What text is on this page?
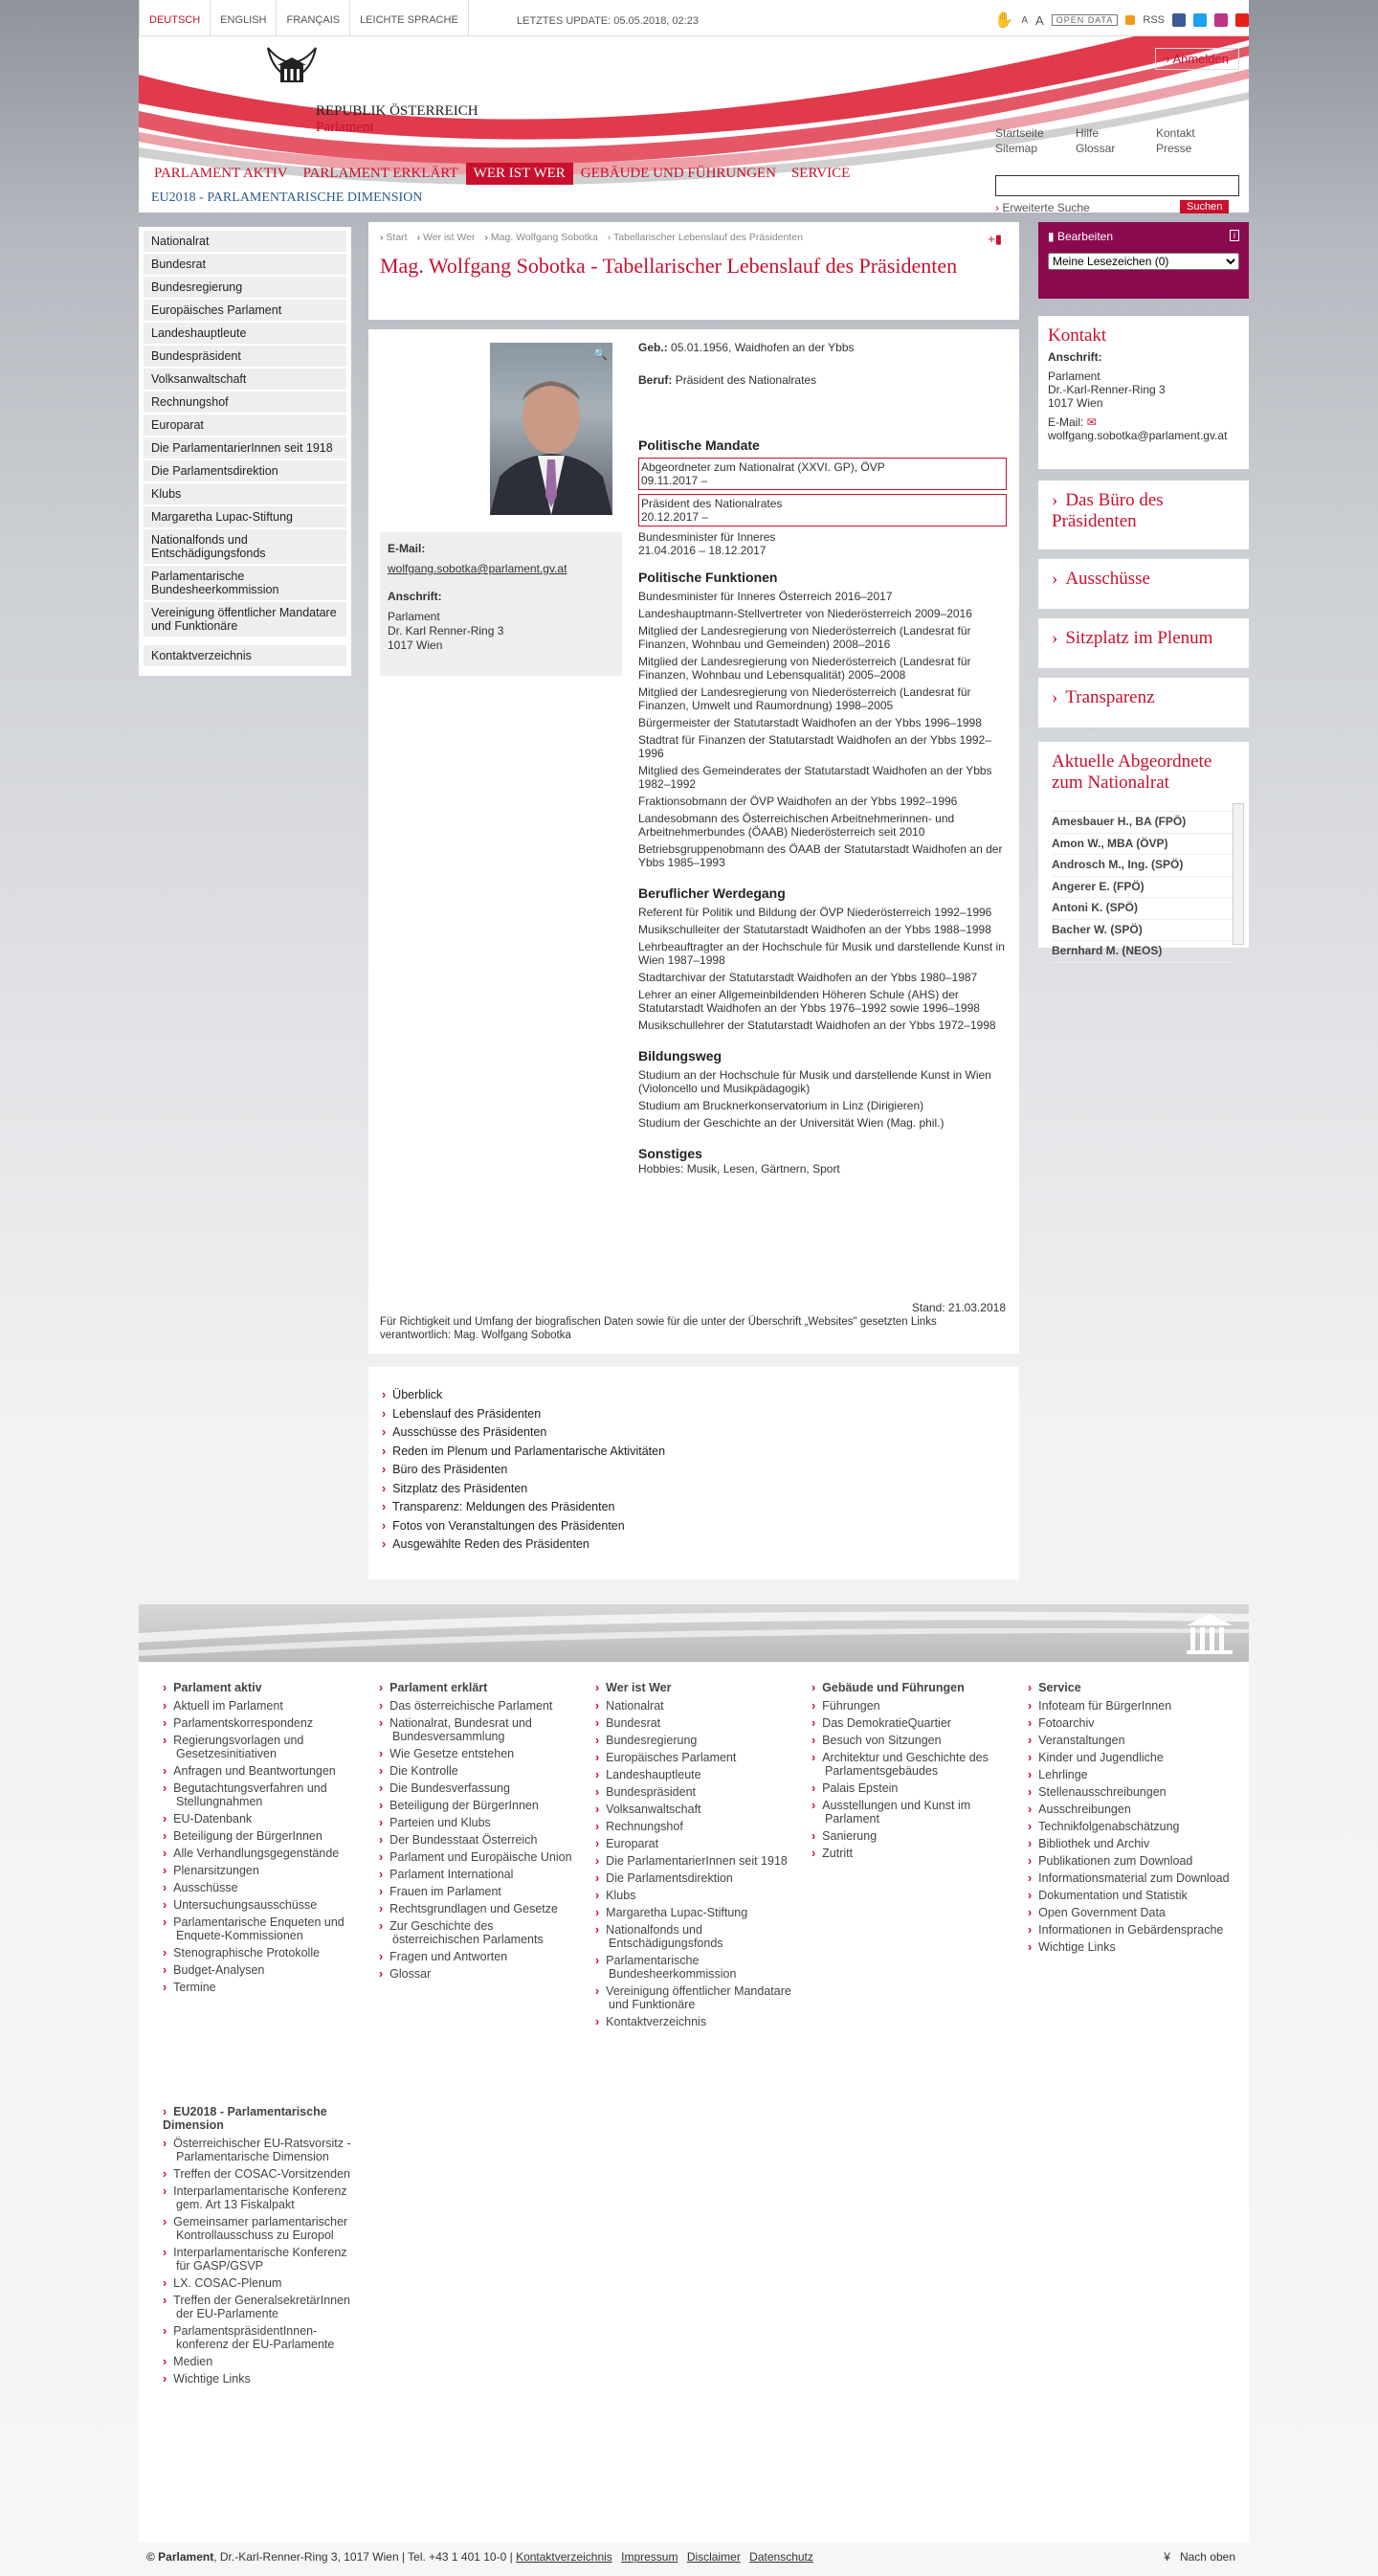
DEUTSCH	ENGLISH	FRANÇAIS	LEICHTE SPRACHE	LETZTES UPDATE: 05.05.2018, 02:23	✋ A A	OPEN DATA	RSS
REPUBLIK ÖSTERREICH
Parlament
› Anmelden
Startseite	Hilfe	Kontakt
Sitemap	Glossar	Presse
PARLAMENT AKTIV	PARLAMENT ERKLÄRT	WER IST WER	GEBÄUDE UND FÜHRUNGEN	SERVICE
EU2018 - PARLAMENTARISCHE DIMENSION
› Erweiterte Suche	Suchen
Nationalrat
Bundesrat
Bundesregierung
Europäisches Parlament
Landeshauptleute
Bundespräsident
Volksanwaltschaft
Rechnungshof
Europarat
Die ParlamentarierInnen seit 1918
Die Parlamentsdirektion
Klubs
Margaretha Lupac-Stiftung
Nationalfonds und Entschädigungsfonds
Parlamentarische Bundesheerkommission
Vereinigung öffentlicher Mandatare und Funktionäre
Kontaktverzeichnis
› Start › Wer ist Wer › Mag. Wolfgang Sobotka › Tabellarischer Lebenslauf des Präsidenten	+▮
Mag. Wolfgang Sobotka - Tabellarischer Lebenslauf des Präsidenten
🔍
E-Mail:
wolfgang.sobotka@parlament.gv.at
Anschrift:
Parlament
Dr. Karl Renner-Ring 3
1017 Wien

Geb.: 05.01.1956, Waidhofen an der Ybbs

Beruf: Präsident des Nationalrates

Politische Mandate
Abgeordneter zum Nationalrat (XXVI. GP), ÖVP
09.11.2017 –
Präsident des Nationalrates
20.12.2017 –
Bundesminister für Inneres
21.04.2016 – 18.12.2017
Politische Funktionen
Bundesminister für Inneres Österreich 2016–2017
Landeshauptmann-Stellvertreter von Niederösterreich 2009–2016
Mitglied der Landesregierung von Niederösterreich (Landesrat für Finanzen, Wohnbau und Gemeinden) 2008–2016
Mitglied der Landesregierung von Niederösterreich (Landesrat für Finanzen, Wohnbau und Lebensqualität) 2005–2008
Mitglied der Landesregierung von Niederösterreich (Landesrat für Finanzen, Umwelt und Raumordnung) 1998–2005
Bürgermeister der Statutarstadt Waidhofen an der Ybbs 1996–1998
Stadtrat für Finanzen der Statutarstadt Waidhofen an der Ybbs 1992–1996
Mitglied des Gemeinderates der Statutarstadt Waidhofen an der Ybbs 1982–1992
Fraktionsobmann der ÖVP Waidhofen an der Ybbs 1992–1996
Landesobmann des Österreichischen Arbeitnehmerinnen- und Arbeitnehmerbundes (ÖAAB) Niederösterreich seit 2010
Betriebsgruppenobmann des ÖAAB der Statutarstadt Waidhofen an der Ybbs 1985–1993
Beruflicher Werdegang
Referent für Politik und Bildung der ÖVP Niederösterreich 1992–1996
Musikschulleiter der Statutarstadt Waidhofen an der Ybbs 1988–1998
Lehrbeauftragter an der Hochschule für Musik und darstellende Kunst in Wien 1987–1998
Stadtarchivar der Statutarstadt Waidhofen an der Ybbs 1980–1987
Lehrer an einer Allgemeinbildenden Höheren Schule (AHS) der Statutarstadt Waidhofen an der Ybbs 1976–1992 sowie 1996–1998
Musikschullehrer der Statutarstadt Waidhofen an der Ybbs 1972–1998
Bildungsweg
Studium an der Hochschule für Musik und darstellende Kunst in Wien (Violoncello und Musikpädagogik)
Studium am Brucknerkonservatorium in Linz (Dirigieren)
Studium der Geschichte an der Universität Wien (Mag. phil.)
Sonstiges
Hobbies: Musik, Lesen, Gärtnern, Sport
Stand: 21.03.2018
Für Richtigkeit und Umfang der biografischen Daten sowie für die unter der Überschrift „Websites" gesetzten Links verantwortlich: Mag. Wolfgang Sobotka
› Überblick
› Lebenslauf des Präsidenten
› Ausschüsse des Präsidenten
› Reden im Plenum und Parlamentarische Aktivitäten
› Büro des Präsidenten
› Sitzplatz des Präsidenten
› Transparenz: Meldungen des Präsidenten
› Fotos von Veranstaltungen des Präsidenten
› Ausgewählte Reden des Präsidenten
▮ Bearbeiten	i
Meine Lesezeichen (0)
Kontakt
Anschrift:
Parlament
Dr.-Karl-Renner-Ring 3
1017 Wien
E-Mail: ✉
wolfgang.sobotka@parlament.gv.at
› Das Büro des Präsidenten
› Ausschüsse
› Sitzplatz im Plenum
› Transparenz
Aktuelle Abgeordnete zum Nationalrat
Amesbauer H., BA (FPÖ)
Amon W., MBA (ÖVP)
Androsch M., Ing. (SPÖ)
Angerer E. (FPÖ)
Antoni K. (SPÖ)
Bacher W. (SPÖ)
Bernhard M. (NEOS)
› Parlament aktiv
› Aktuell im Parlament
› Parlamentskorrespondenz
› Regierungsvorlagen und Gesetzesinitiativen
› Anfragen und Beantwortungen
› Begutachtungsverfahren und Stellungnahmen
› EU-Datenbank
› Beteiligung der BürgerInnen
› Alle Verhandlungsgegenstände
› Plenarsitzungen
› Ausschüsse
› Untersuchungsausschüsse
› Parlamentarische Enqueten und Enquete-Kommissionen
› Stenographische Protokolle
› Budget-Analysen
› Termine
› Parlament erklärt
› Das österreichische Parlament
› Nationalrat, Bundesrat und Bundesversammlung
› Wie Gesetze entstehen
› Die Kontrolle
› Die Bundesverfassung
› Beteiligung der BürgerInnen
› Parteien und Klubs
› Der Bundesstaat Österreich
› Parlament und Europäische Union
› Parlament International
› Frauen im Parlament
› Rechtsgrundlagen und Gesetze
› Zur Geschichte des österreichischen Parlaments
› Fragen und Antworten
› Glossar
› Wer ist Wer
› Nationalrat
› Bundesrat
› Bundesregierung
› Europäisches Parlament
› Landeshauptleute
› Bundespräsident
› Volksanwaltschaft
› Rechnungshof
› Europarat
› Die ParlamentarierInnen seit 1918
› Die Parlamentsdirektion
› Klubs
› Margaretha Lupac-Stiftung
› Nationalfonds und Entschädigungsfonds
› Parlamentarische Bundesheerkommission
› Vereinigung öffentlicher Mandatare und Funktionäre
› Kontaktverzeichnis
› Gebäude und Führungen
› Führungen
› Das DemokratieQuartier
› Besuch von Sitzungen
› Architektur und Geschichte des Parlamentsgebäudes
› Palais Epstein
› Ausstellungen und Kunst im Parlament
› Sanierung
› Zutritt
› Service
› Infoteam für BürgerInnen
› Fotoarchiv
› Veranstaltungen
› Kinder und Jugendliche
› Lehrlinge
› Stellenausschreibungen
› Ausschreibungen
› Technikfolgenabschätzung
› Bibliothek und Archiv
› Publikationen zum Download
› Informationsmaterial zum Download
› Dokumentation und Statistik
› Open Government Data
› Informationen in Gebärdensprache
› Wichtige Links
› EU2018 - Parlamentarische Dimension
› Österreichischer EU-Ratsvorsitz - Parlamentarische Dimension
› Treffen der COSAC-Vorsitzenden
› Interparlamentarische Konferenz gem. Art 13 Fiskalpakt
› Gemeinsamer parlamentarischer Kontrollausschuss zu Europol
› Interparlamentarische Konferenz für GASP/GSVP
› LX. COSAC-Plenum
› Treffen der GeneralsekretärInnen der EU-Parlamente
› ParlamentspräsidentInnen-konferenz der EU-Parlamente
› Medien
› Wichtige Links
© Parlament, Dr.-Karl-Renner-Ring 3, 1017 Wien | Tel. +43 1 401 10-0 | Kontaktverzeichnis Impressum Disclaimer Datenschutz	¥   Nach oben
